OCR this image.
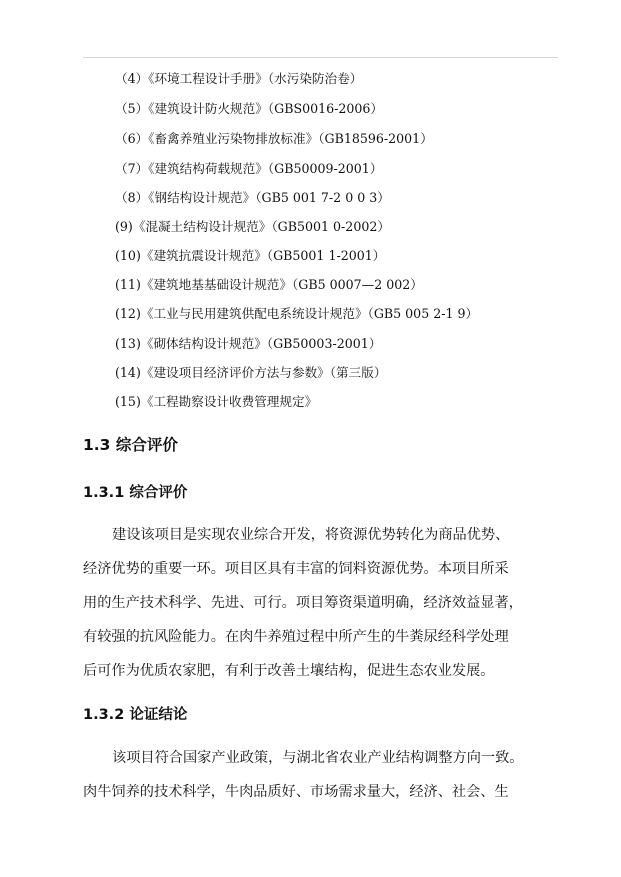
（4）《环境工程设计手册》（水污染防治卷）
（5）《建筑设计防火规范》（GBS0016-2006）
（6）《畜禽养殖业污染物排放标准》（GB18596-2001）
（7）《建筑结构荷载规范》（GB50009-2001）
（8）《钢结构设计规范》（GB5 001 7-2 0 0 3）
(9)《混凝土结构设计规范》（GB5001 0-2002）
(10)《建筑抗震设计规范》（GB5001 1-2001）
(11)《建筑地基基础设计规范》（GB5 0007—2 002）
(12)《工业与民用建筑供配电系统设计规范》（GB5 005 2-1 9）
(13)《砌体结构设计规范》（GB50003-2001）
(14)《建设项目经济评价方法与参数》（第三版）
(15)《工程勘察设计收费管理规定》
1.3 综合评价
1.3.1 综合评价
建设该项目是实现农业综合开发，将资源优势转化为商品优势、
经济优势的重要一环。项目区具有丰富的饲料资源优势。本项目所采
用的生产技术科学、先进、可行。项目筹资渠道明确，经济效益显著，
有较强的抗风险能力。在肉牛养殖过程中所产生的牛粪尿经科学处理
后可作为优质农家肥，有利于改善土壤结构，促进生态农业发展。
1.3.2 论证结论
该项目符合国家产业政策，与湖北省农业产业结构调整方向一致。
肉牛饲养的技术科学，牛肉品质好、市场需求量大，经济、社会、生
